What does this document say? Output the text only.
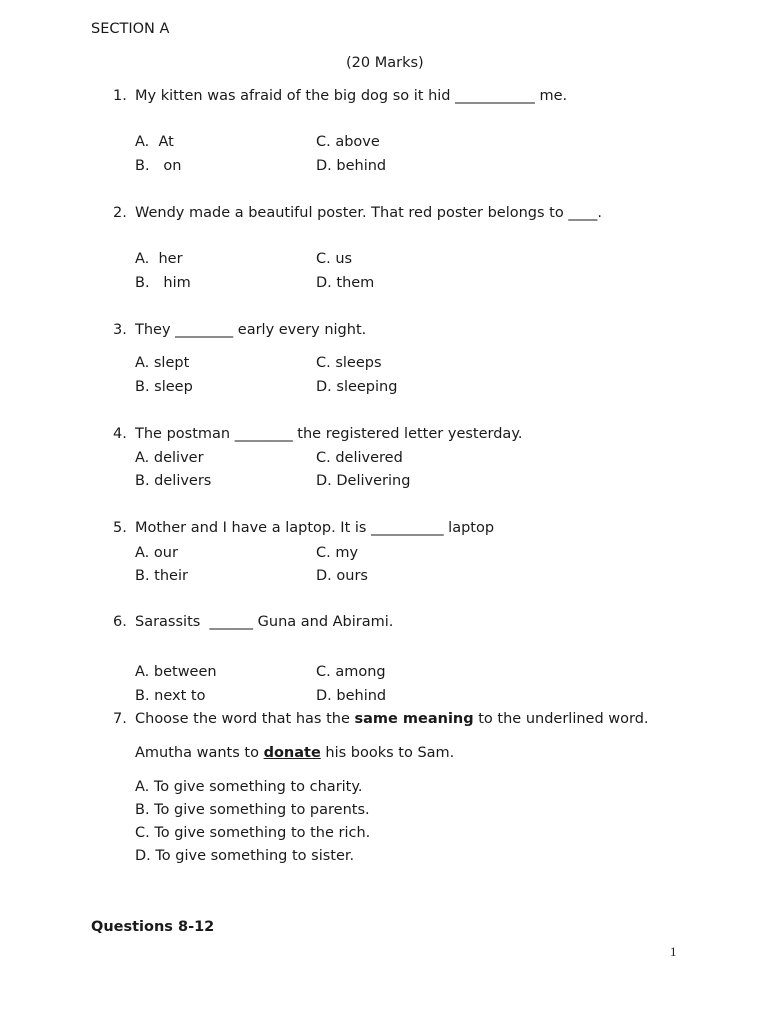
SECTION A
(20 Marks)
1. My kitten was afraid of the big dog so it hid ___________ me.
A.  At
B.   on
C. above
D. behind
2. Wendy made a beautiful poster. That red poster belongs to ____.
A.  her
B.   him
C. us
D. them
3. They ________ early every night.
A. slept
B. sleep
C. sleeps
D. sleeping
4. The postman ________ the registered letter yesterday.
A. deliver
B. delivers
C. delivered
D. Delivering
5. Mother and I have a laptop. It is __________ laptop
A. our
B. their
C. my
D. ours
6. Sarassits  ______ Guna and Abirami.
A. between
B. next to
C. among
D. behind
7. Choose the word that has the same meaning to the underlined word.
Amutha wants to donate his books to Sam.
A. To give something to charity.
B. To give something to parents.
C. To give something to the rich.
D. To give something to sister.
Questions 8-12
1
